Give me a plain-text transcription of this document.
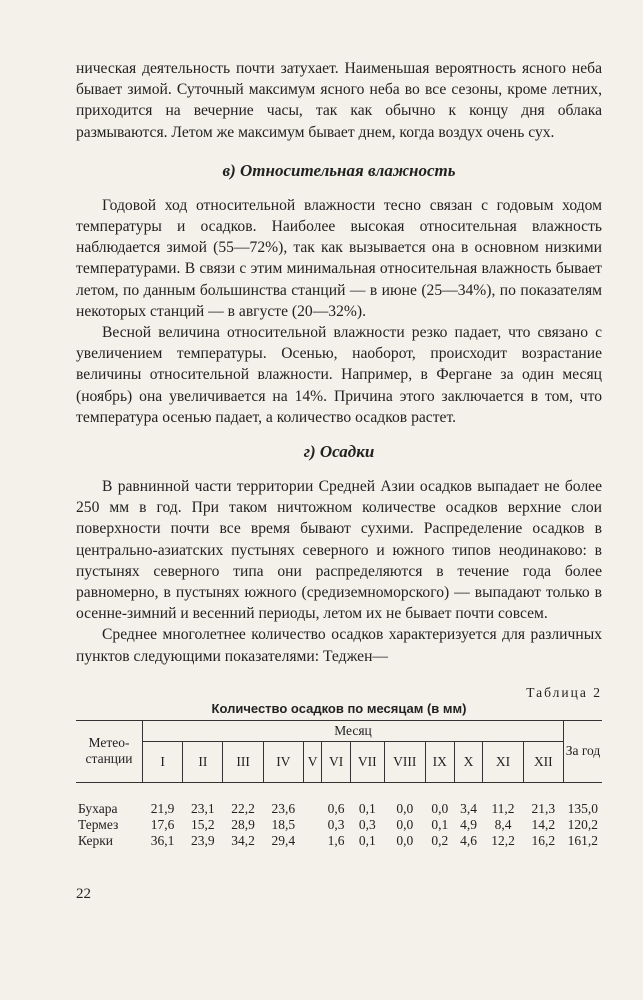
ническая деятельность почти затухает. Наименьшая вероятность ясного неба бывает зимой. Суточный максимум ясного неба во все сезоны, кроме летних, приходится на вечерние часы, так как обычно к концу дня облака размываются. Летом же максимум бывает днем, когда воздух очень сух.

в) Относительная влажность

Годовой ход относительной влажности тесно связан с годовым ходом температуры и осадков. Наиболее высокая относительная влажность наблюдается зимой (55—72%), так как вызывается она в основном низкими температурами. В связи с этим минимальная относительная влажность бывает летом, по данным большинства станций — в июне (25—34%), по показателям некоторых станций — в августе (20—32%).

Весной величина относительной влажности резко падает, что связано с увеличением температуры. Осенью, наоборот, происходит возрастание величины относительной влажности. Например, в Фергане за один месяц (ноябрь) она увеличивается на 14%. Причина этого заключается в том, что температура осенью падает, а количество осадков растет.

г) Осадки

В равнинной части территории Средней Азии осадков выпадает не более 250 мм в год. При таком ничтожном количестве осадков верхние слои поверхности почти все время бывают сухими. Распределение осадков в центрально-азиатских пустынях северного и южного типов неодинаково: в пустынях северного типа они распределяются в течение года более равномерно, в пустынях южного (средиземноморского) — выпадают только в осенне-зимний и весенний периоды, летом их не бывает почти совсем.

Среднее многолетнее количество осадков характеризуется для различных пунктов следующими показателями: Теджен—

Таблица 2
Количество осадков по месяцам (в мм)
Метео-станции	Месяц												За год
	I	II	III	IV	V	VI	VII	VIII	IX	X	XI	XII	

Бухара	21,9	23,1	22,2	23,6		0,6	0,1	0,0	0,0	3,4	11,2	21,3	135,0
Термез	17,6	15,2	28,9	18,5		0,3	0,3	0,0	0,1	4,9	8,4	14,2	120,2
Керки	36,1	23,9	34,2	29,4		1,6	0,1	0,0	0,2	4,6	12,2	16,2	161,2
22
